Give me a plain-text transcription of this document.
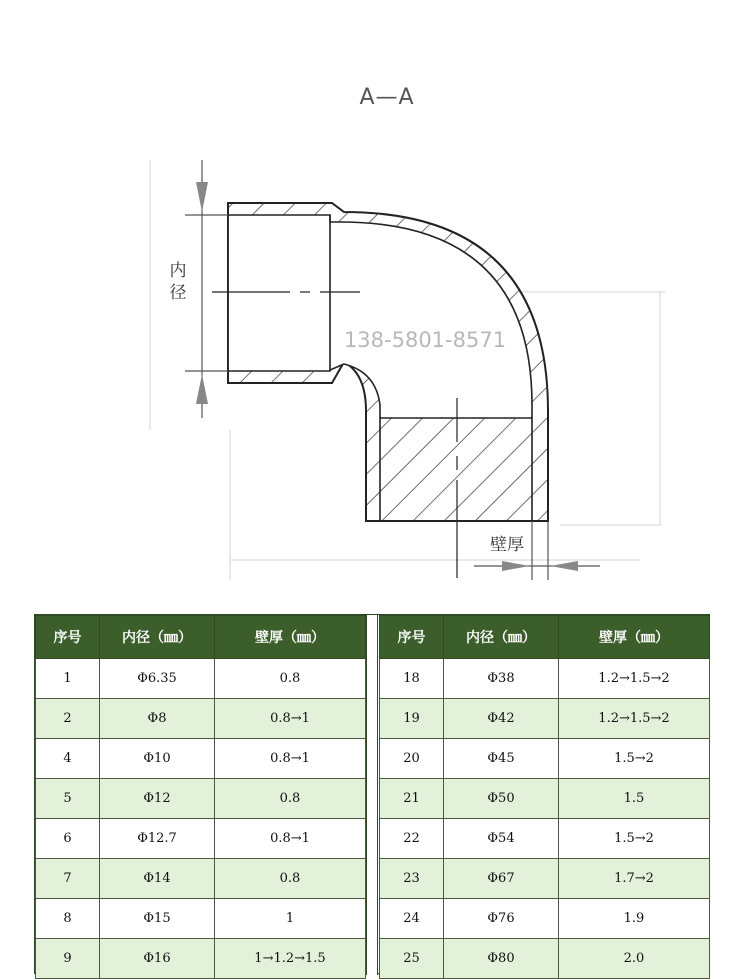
A—A
内
径
138-5801-8571
壁厚
序号	内径（㎜）	壁厚（㎜）
1	Φ6.35	0.8
2	Φ8	0.8→1
4	Φ10	0.8→1
5	Φ12	0.8
6	Φ12.7	0.8→1
7	Φ14	0.8
8	Φ15	1
9	Φ16	1→1.2→1.5
序号	内径（㎜）	壁厚（㎜）
18	Φ38	1.2→1.5→2
19	Φ42	1.2→1.5→2
20	Φ45	1.5→2
21	Φ50	1.5
22	Φ54	1.5→2
23	Φ67	1.7→2
24	Φ76	1.9
25	Φ80	2.0
